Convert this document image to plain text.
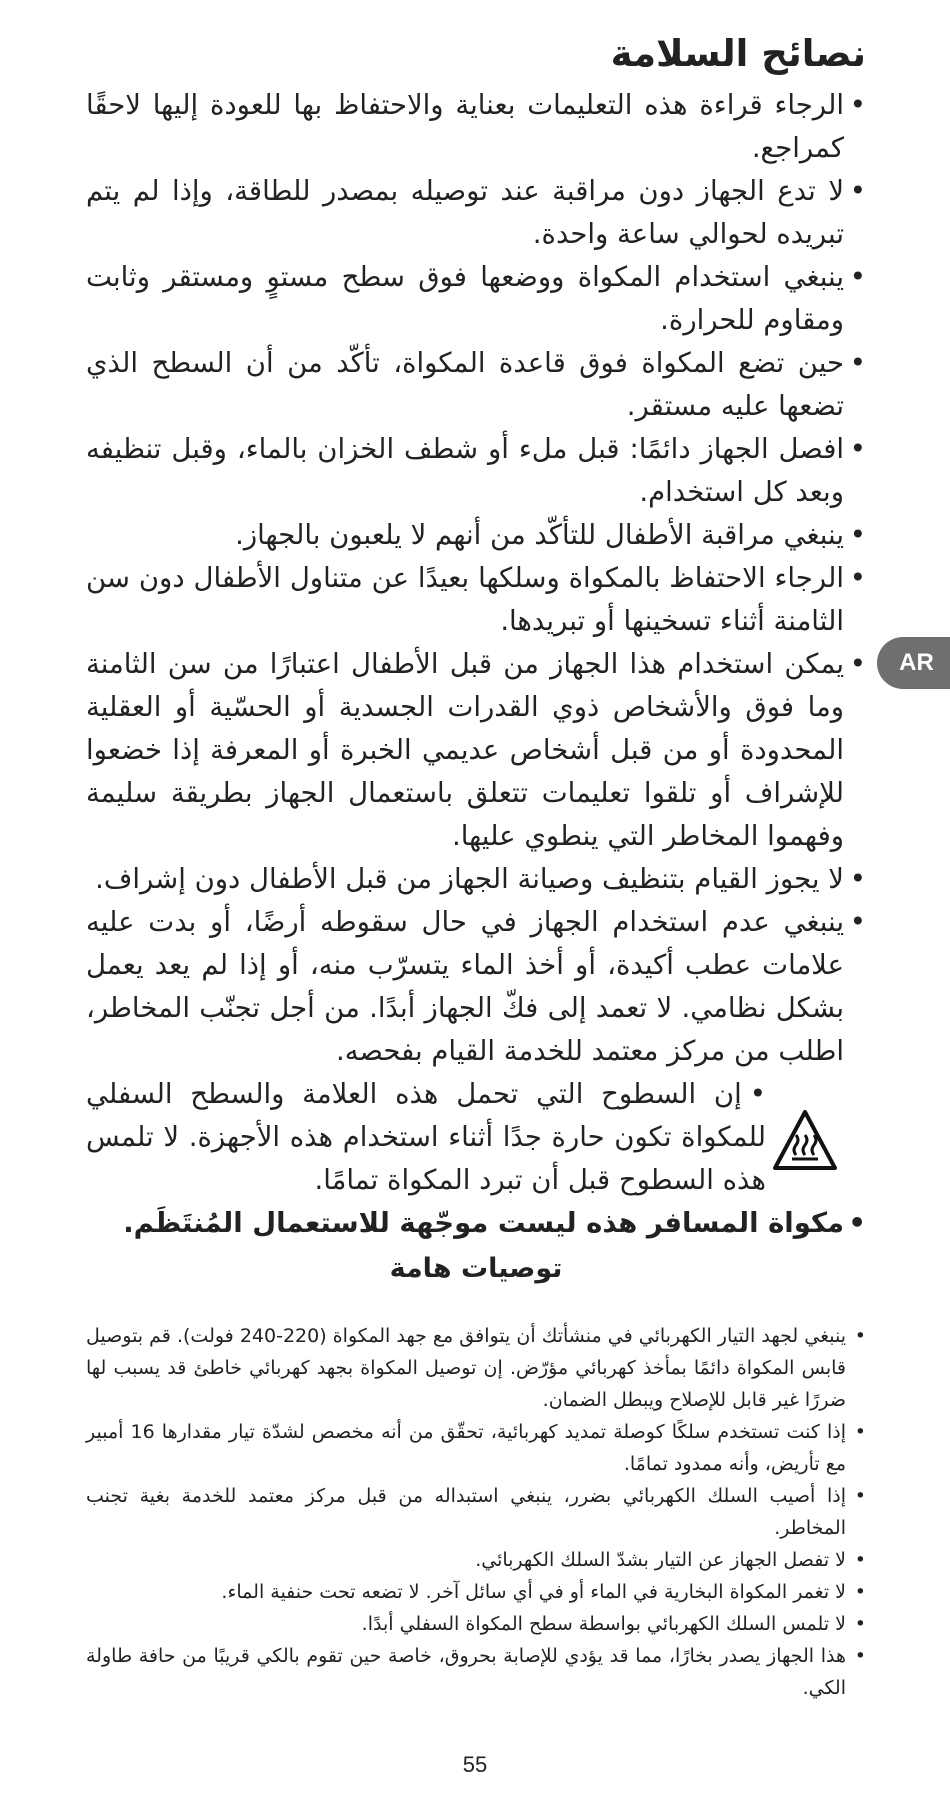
نصائح السلامة
• الرجاء قراءة هذه التعليمات بعناية والاحتفاظ بها للعودة إليها لاحقًا كمراجع.
• لا تدع الجهاز دون مراقبة عند توصيله بمصدر للطاقة، وإذا لم يتم تبريده لحوالي ساعة واحدة.
• ينبغي استخدام المكواة ووضعها فوق سطح مستوٍ ومستقر وثابت ومقاوم للحرارة.
• حين تضع المكواة فوق قاعدة المكواة، تأكّد من أن السطح الذي تضعها عليه مستقر.
• افصل الجهاز دائمًا: قبل ملء أو شطف الخزان بالماء، وقبل تنظيفه وبعد كل استخدام.
• ينبغي مراقبة الأطفال للتأكّد من أنهم لا يلعبون بالجهاز.
• الرجاء الاحتفاظ بالمكواة وسلكها بعيدًا عن متناول الأطفال دون سن الثامنة أثناء تسخينها أو تبريدها.
• يمكن استخدام هذا الجهاز من قبل الأطفال اعتبارًا من سن الثامنة وما فوق والأشخاص ذوي القدرات الجسدية أو الحسّية أو العقلية المحدودة أو من قبل أشخاص عديمي الخبرة أو المعرفة إذا خضعوا للإشراف أو تلقوا تعليمات تتعلق باستعمال الجهاز بطريقة سليمة وفهموا المخاطر التي ينطوي عليها.
• لا يجوز القيام بتنظيف وصيانة الجهاز من قبل الأطفال دون إشراف.
• ينبغي عدم استخدام الجهاز في حال سقوطه أرضًا، أو بدت عليه علامات عطب أكيدة، أو أخذ الماء يتسرّب منه، أو إذا لم يعد يعمل بشكل نظامي. لا تعمد إلى فكّ الجهاز أبدًا. من أجل تجنّب المخاطر، اطلب من مركز معتمد للخدمة القيام بفحصه.
•إن السطوح التي تحمل هذه العلامة والسطح السفلي للمكواة تكون حارة جدًا أثناء استخدام هذه الأجهزة. لا تلمس هذه السطوح قبل أن تبرد المكواة تمامًا.
• مكواة المسافر هذه ليست موجّهة للاستعمال المُنتَظَم.
توصيات هامة
• ينبغي لجهد التيار الكهربائي في منشأتك أن يتوافق مع جهد المكواة (220-240 فولت). قم بتوصيل قابس المكواة دائمًا بمأخذ كهربائي مؤرّض. إن توصيل المكواة بجهد كهربائي خاطئ قد يسبب لها ضررًا غير قابل للإصلاح ويبطل الضمان.
• إذا كنت تستخدم سلكًا كوصلة تمديد كهربائية، تحقّق من أنه مخصص لشدّة تيار مقدارها 16 أمبير مع تأريض، وأنه ممدود تمامًا.
• إذا أصيب السلك الكهربائي بضرر، ينبغي استبداله من قبل مركز معتمد للخدمة بغية تجنب المخاطر.
• لا تفصل الجهاز عن التيار بشدّ السلك الكهربائي.
• لا تغمر المكواة البخارية في الماء أو في أي سائل آخر. لا تضعه تحت حنفية الماء.
• لا تلمس السلك الكهربائي بواسطة سطح المكواة السفلي أبدًا.
• هذا الجهاز يصدر بخارًا، مما قد يؤدي للإصابة بحروق، خاصة حين تقوم بالكي قريبًا من حافة طاولة الكي.
AR
55
